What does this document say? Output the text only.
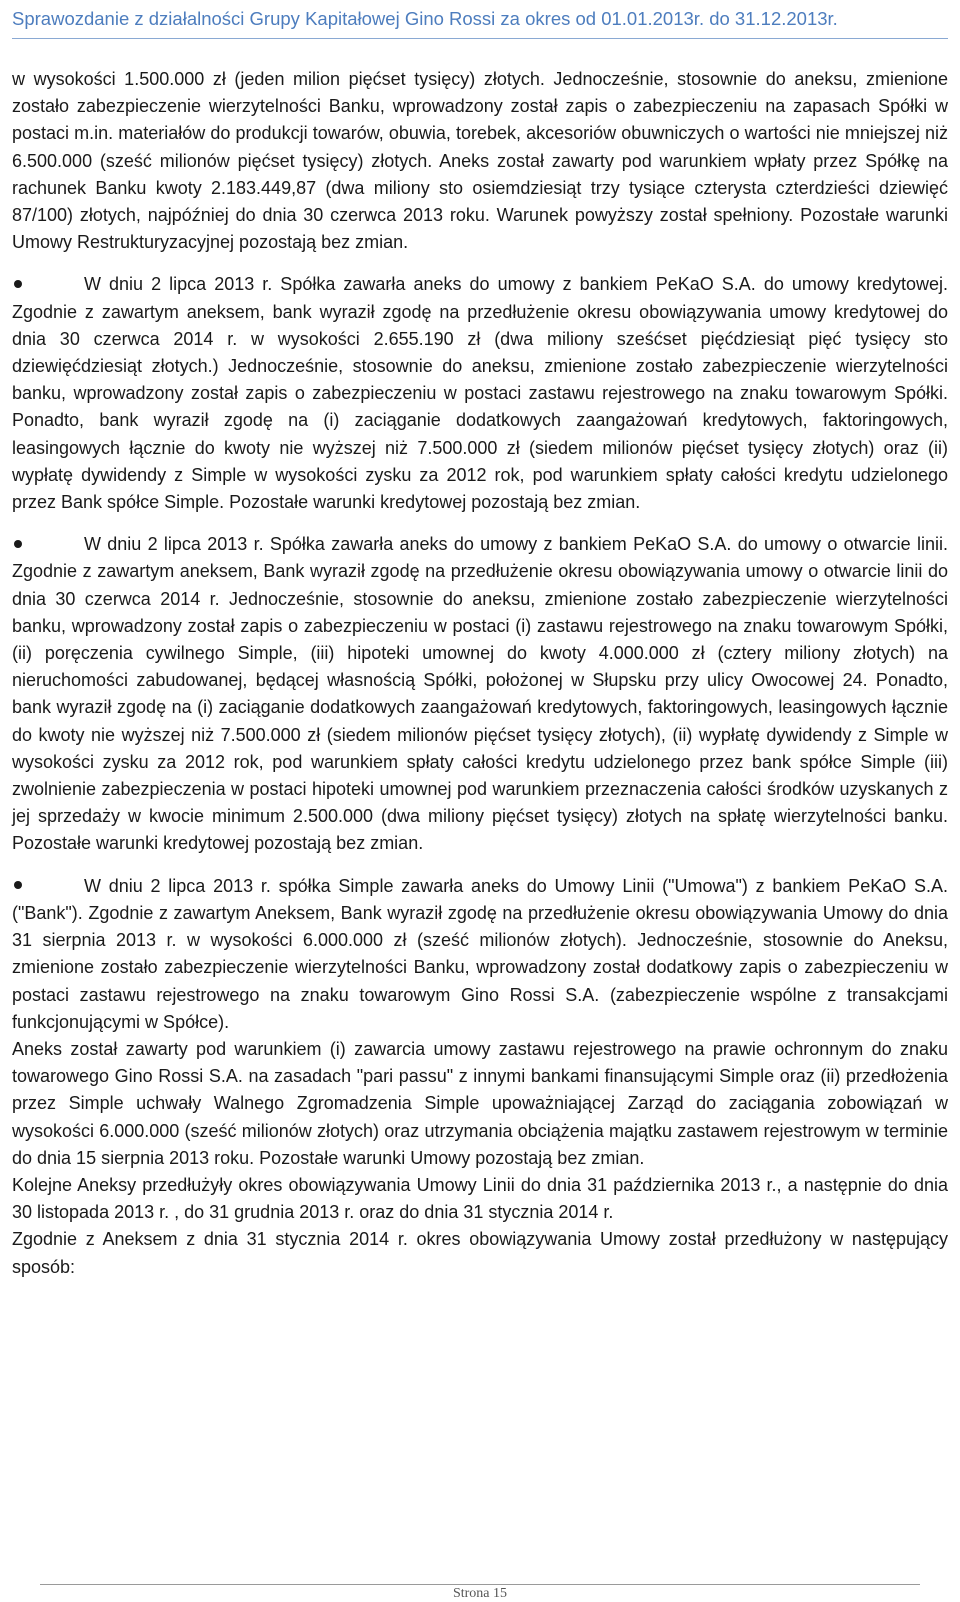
Sprawozdanie z działalności Grupy Kapitałowej Gino Rossi za okres od 01.01.2013r. do 31.12.2013r.

w wysokości 1.500.000 zł (jeden milion pięćset tysięcy) złotych. Jednocześnie, stosownie do aneksu, zmienione zostało zabezpieczenie wierzytelności Banku, wprowadzony został zapis o zabezpieczeniu na zapasach Spółki w postaci m.in. materiałów do produkcji towarów, obuwia, torebek, akcesoriów obuwniczych o wartości nie mniejszej niż 6.500.000 (sześć milionów pięćset tysięcy) złotych. Aneks został zawarty pod warunkiem wpłaty przez Spółkę na rachunek Banku kwoty 2.183.449,87 (dwa miliony sto osiemdziesiąt trzy tysiące czterysta czterdzieści dziewięć 87/100) złotych, najpóźniej do dnia 30 czerwca 2013 roku. Warunek powyższy został spełniony. Pozostałe warunki Umowy Restrukturyzacyjnej pozostają bez zmian.

W dniu 2 lipca 2013 r. Spółka zawarła aneks do umowy z bankiem PeKaO S.A. do umowy kredytowej. Zgodnie z zawartym aneksem, bank wyraził zgodę na przedłużenie okresu obowiązywania umowy kredytowej do dnia 30 czerwca 2014 r. w wysokości 2.655.190 zł (dwa miliony sześćset pięćdziesiąt pięć tysięcy sto dziewięćdziesiąt złotych.) Jednocześnie, stosownie do aneksu, zmienione zostało zabezpieczenie wierzytelności banku, wprowadzony został zapis o zabezpieczeniu w postaci zastawu rejestrowego na znaku towarowym Spółki. Ponadto, bank wyraził zgodę na (i) zaciąganie dodatkowych zaangażowań kredytowych, faktoringowych, leasingowych łącznie do kwoty nie wyższej niż 7.500.000 zł (siedem milionów pięćset tysięcy złotych) oraz (ii) wypłatę dywidendy z Simple w wysokości zysku za 2012 rok, pod warunkiem spłaty całości kredytu udzielonego przez Bank spółce Simple. Pozostałe warunki kredytowej pozostają bez zmian.

W dniu 2 lipca 2013 r. Spółka zawarła aneks do umowy z bankiem PeKaO S.A. do umowy o otwarcie linii. Zgodnie z zawartym aneksem, Bank wyraził zgodę na przedłużenie okresu obowiązywania umowy o otwarcie linii do dnia 30 czerwca 2014 r. Jednocześnie, stosownie do aneksu, zmienione zostało zabezpieczenie wierzytelności banku, wprowadzony został zapis o zabezpieczeniu w postaci (i) zastawu rejestrowego na znaku towarowym Spółki, (ii) poręczenia cywilnego Simple, (iii) hipoteki umownej do kwoty 4.000.000 zł (cztery miliony złotych) na nieruchomości zabudowanej, będącej własnością Spółki, położonej w Słupsku przy ulicy Owocowej 24. Ponadto, bank wyraził zgodę na (i) zaciąganie dodatkowych zaangażowań kredytowych, faktoringowych, leasingowych łącznie do kwoty nie wyższej niż 7.500.000 zł (siedem milionów pięćset tysięcy złotych), (ii) wypłatę dywidendy z Simple w wysokości zysku za 2012 rok, pod warunkiem spłaty całości kredytu udzielonego przez bank spółce Simple (iii) zwolnienie zabezpieczenia w postaci hipoteki umownej pod warunkiem przeznaczenia całości środków uzyskanych z jej sprzedaży w kwocie minimum 2.500.000 (dwa miliony pięćset tysięcy) złotych na spłatę wierzytelności banku. Pozostałe warunki kredytowej pozostają bez zmian.

W dniu 2 lipca 2013 r. spółka Simple zawarła aneks do Umowy Linii ("Umowa") z bankiem PeKaO S.A. ("Bank"). Zgodnie z zawartym Aneksem, Bank wyraził zgodę na przedłużenie okresu obowiązywania Umowy do dnia 31 sierpnia 2013 r. w wysokości 6.000.000 zł (sześć milionów złotych). Jednocześnie, stosownie do Aneksu, zmienione zostało zabezpieczenie wierzytelności Banku, wprowadzony został dodatkowy zapis o zabezpieczeniu w postaci zastawu rejestrowego na znaku towarowym Gino Rossi S.A. (zabezpieczenie wspólne z transakcjami funkcjonującymi w Spółce).

Aneks został zawarty pod warunkiem (i) zawarcia umowy zastawu rejestrowego na prawie ochronnym do znaku towarowego Gino Rossi S.A. na zasadach "pari passu" z innymi bankami finansującymi Simple oraz (ii) przedłożenia przez Simple uchwały Walnego Zgromadzenia Simple upoważniającej Zarząd do zaciągania zobowiązań w wysokości 6.000.000 (sześć milionów złotych) oraz utrzymania obciążenia majątku zastawem rejestrowym w terminie do dnia 15 sierpnia 2013 roku. Pozostałe warunki Umowy pozostają bez zmian.

Kolejne Aneksy przedłużyły okres obowiązywania Umowy Linii do dnia 31 października 2013 r., a następnie do dnia 30 listopada 2013 r. , do 31 grudnia 2013 r. oraz do dnia 31 stycznia 2014 r.

Zgodnie z Aneksem z dnia 31 stycznia 2014 r. okres obowiązywania Umowy został przedłużony w następujący sposób:

Strona 15
